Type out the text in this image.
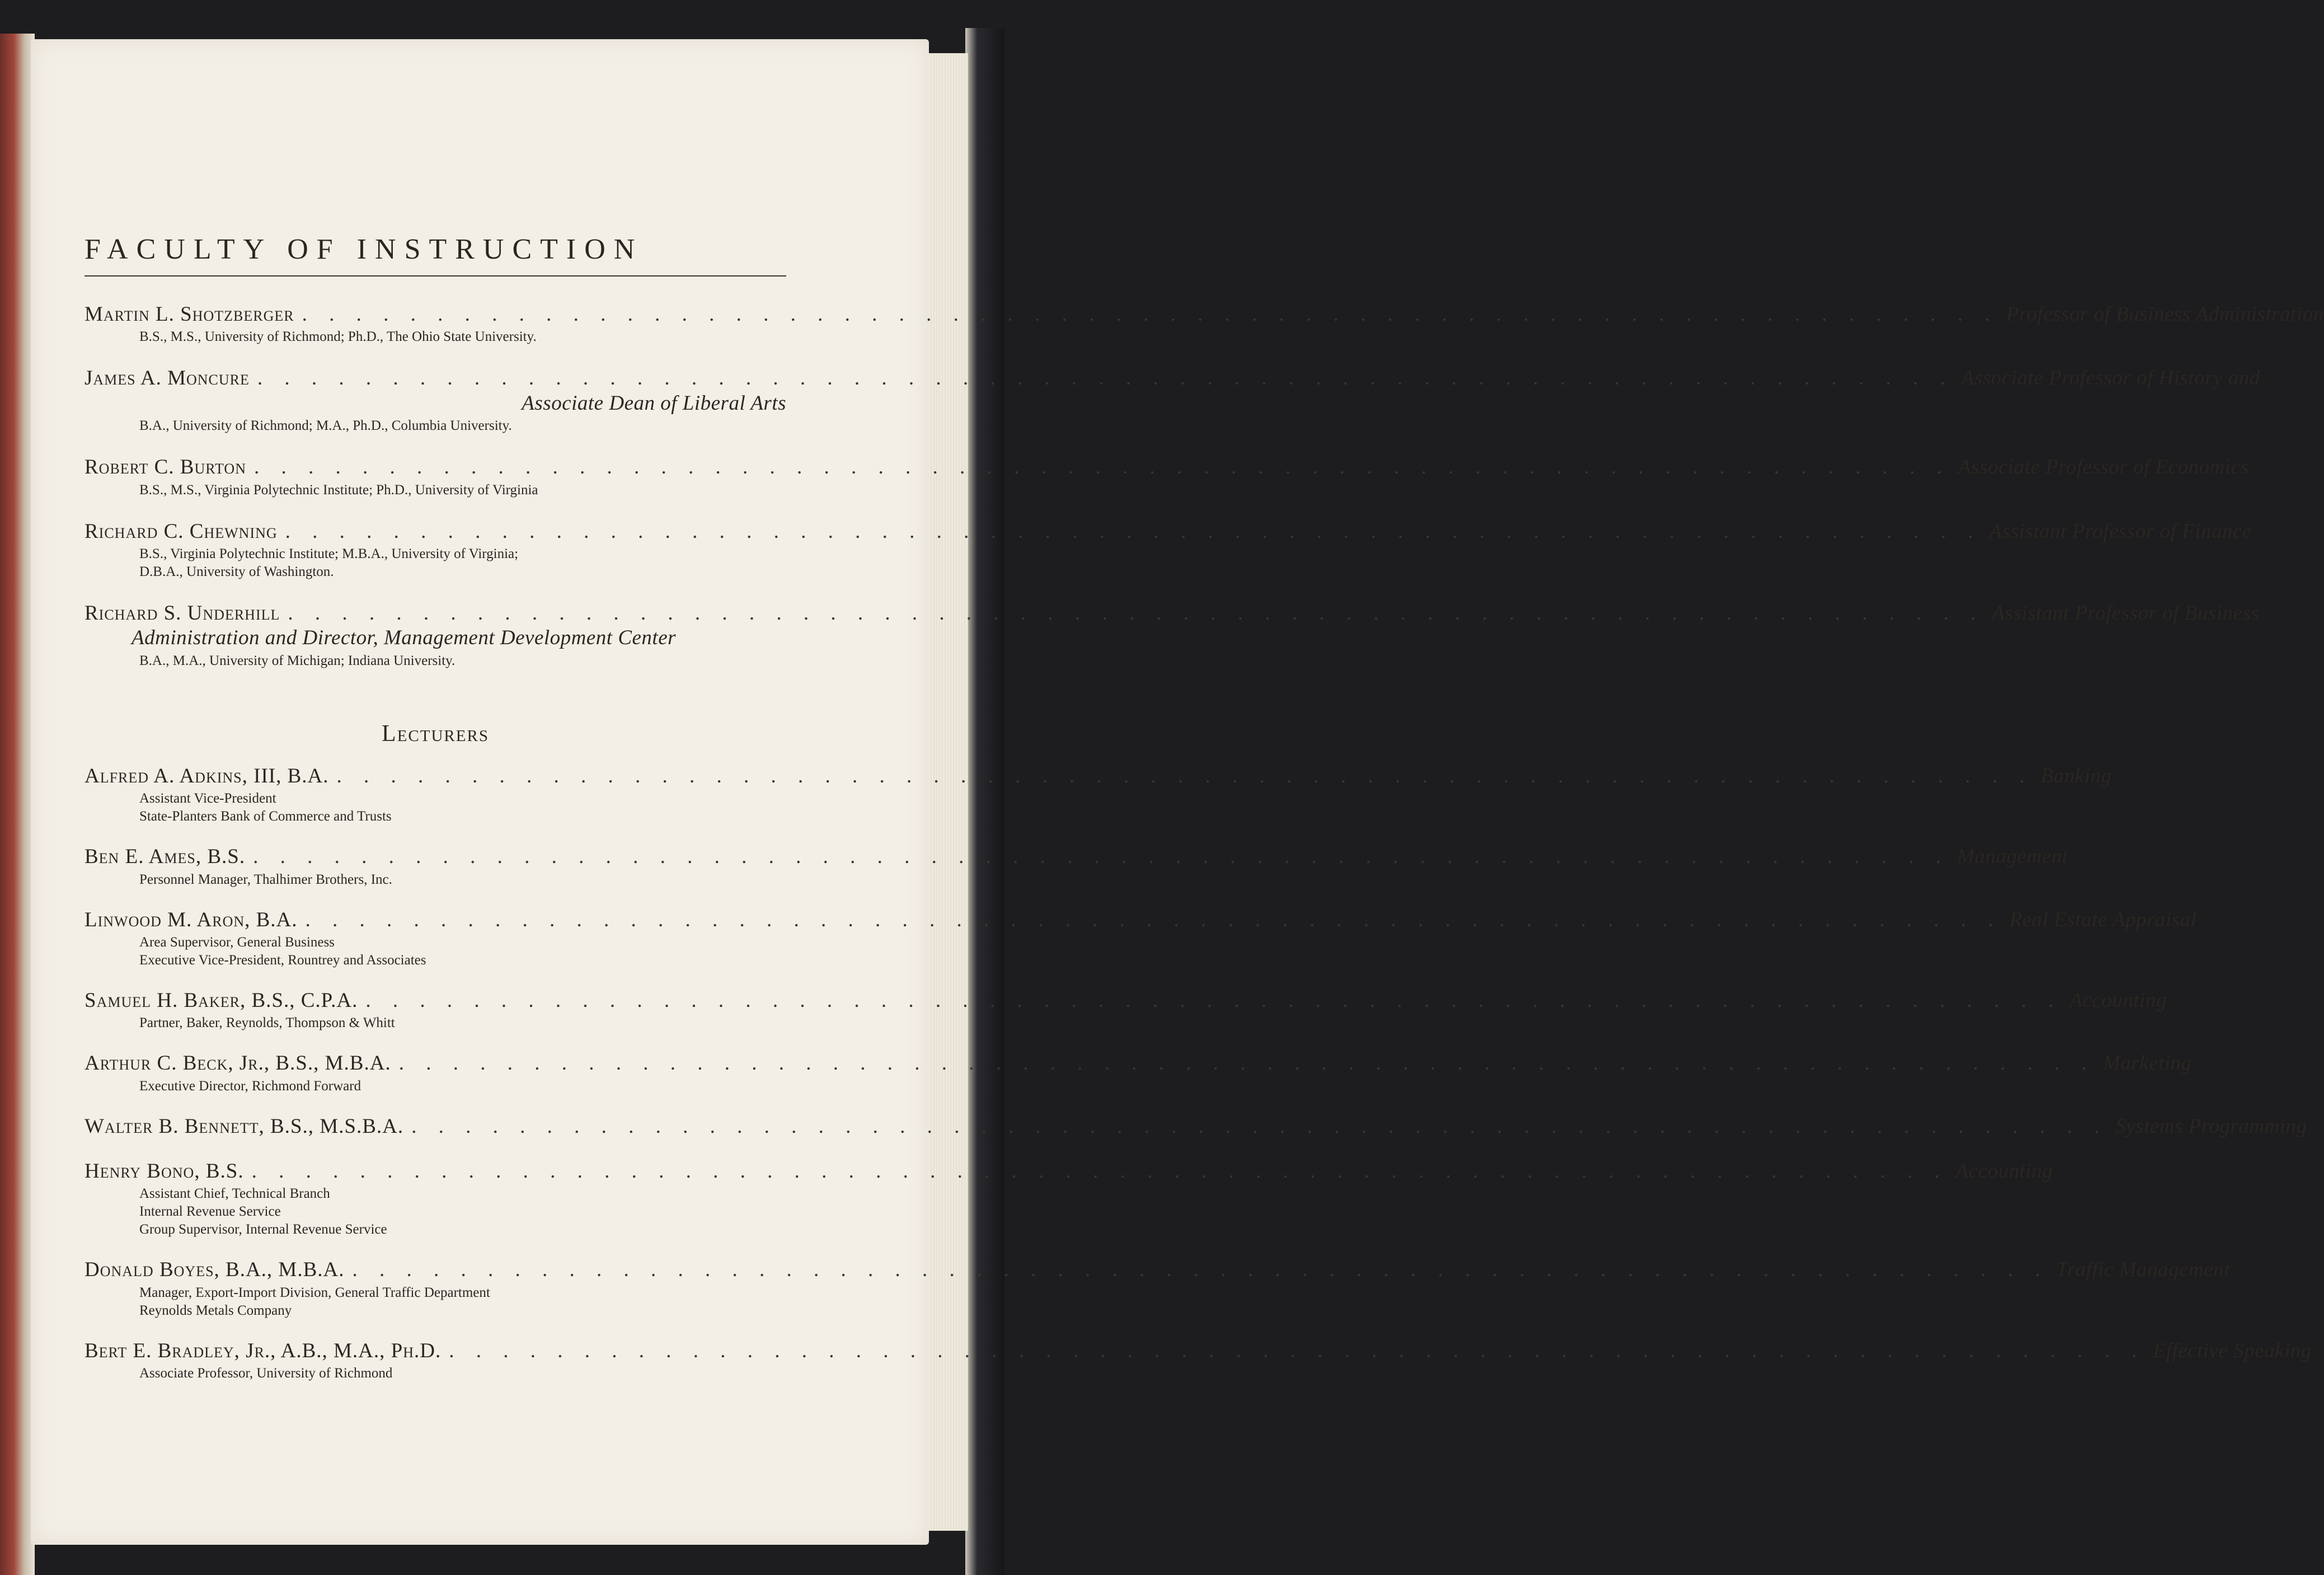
FACULTY OF INSTRUCTION
Martin L. Shotzberger . . . . . . . . . . . . . . . . . . . . . . . . . . . . . . . . . . . . . . . . . . . . . . . . . . . . . . . . . . . . . . . Professor of Business Administration
B.S., M.S., University of Richmond; Ph.D., The Ohio State University.
James A. Moncure . . . . . . . . . . . . . . . . . . . . . . . . . . . . . . . . . . . . . . . . . . . . . . . . . . . . . . . . . . . . . . . Associate Professor of History and
Associate Dean of Liberal Arts
B.A., University of Richmond; M.A., Ph.D., Columbia University.
Robert C. Burton . . . . . . . . . . . . . . . . . . . . . . . . . . . . . . . . . . . . . . . . . . . . . . . . . . . . . . . . . . . . . . . Associate Professor of Economics
B.S., M.S., Virginia Polytechnic Institute; Ph.D., University of Virginia
Richard C. Chewning . . . . . . . . . . . . . . . . . . . . . . . . . . . . . . . . . . . . . . . . . . . . . . . . . . . . . . . . . . . . . . . Assistant Professor of Finance
B.S., Virginia Polytechnic Institute; M.B.A., University of Virginia;
D.B.A., University of Washington.
Richard S. Underhill . . . . . . . . . . . . . . . . . . . . . . . . . . . . . . . . . . . . . . . . . . . . . . . . . . . . . . . . . . . . . . . Assistant Professor of Business
Administration and Director, Management Development Center
B.A., M.A., University of Michigan; Indiana University.
Lecturers
Alfred A. Adkins, III, B.A. . . . . . . . . . . . . . . . . . . . . . . . . . . . . . . . . . . . . . . . . . . . . . . . . . . . . . . . . . . . . . . . Banking
Assistant Vice-President
State-Planters Bank of Commerce and Trusts
Ben E. Ames, B.S. . . . . . . . . . . . . . . . . . . . . . . . . . . . . . . . . . . . . . . . . . . . . . . . . . . . . . . . . . . . . . . . Management
Personnel Manager, Thalhimer Brothers, Inc.
Linwood M. Aron, B.A. . . . . . . . . . . . . . . . . . . . . . . . . . . . . . . . . . . . . . . . . . . . . . . . . . . . . . . . . . . . . . . . Real Estate Appraisal
Area Supervisor, General Business
Executive Vice-President, Rountrey and Associates
Samuel H. Baker, B.S., C.P.A. . . . . . . . . . . . . . . . . . . . . . . . . . . . . . . . . . . . . . . . . . . . . . . . . . . . . . . . . . . . . . . . Accounting
Partner, Baker, Reynolds, Thompson & Whitt
Arthur C. Beck, Jr., B.S., M.B.A. . . . . . . . . . . . . . . . . . . . . . . . . . . . . . . . . . . . . . . . . . . . . . . . . . . . . . . . . . . . . . . . Marketing
Executive Director, Richmond Forward
Walter B. Bennett, B.S., M.S.B.A. . . . . . . . . . . . . . . . . . . . . . . . . . . . . . . . . . . . . . . . . . . . . . . . . . . . . . . . . . . . . . . . Systems Programming
Henry Bono, B.S. . . . . . . . . . . . . . . . . . . . . . . . . . . . . . . . . . . . . . . . . . . . . . . . . . . . . . . . . . . . . . . . Accounting
Assistant Chief, Technical Branch
Internal Revenue Service
Group Supervisor, Internal Revenue Service
Donald Boyes, B.A., M.B.A. . . . . . . . . . . . . . . . . . . . . . . . . . . . . . . . . . . . . . . . . . . . . . . . . . . . . . . . . . . . . . . . Traffic Management
Manager, Export-Import Division, General Traffic Department
Reynolds Metals Company
Bert E. Bradley, Jr., A.B., M.A., Ph.D. . . . . . . . . . . . . . . . . . . . . . . . . . . . . . . . . . . . . . . . . . . . . . . . . . . . . . . . . . . . . . . . Effective Speaking
Associate Professor, University of Richmond
